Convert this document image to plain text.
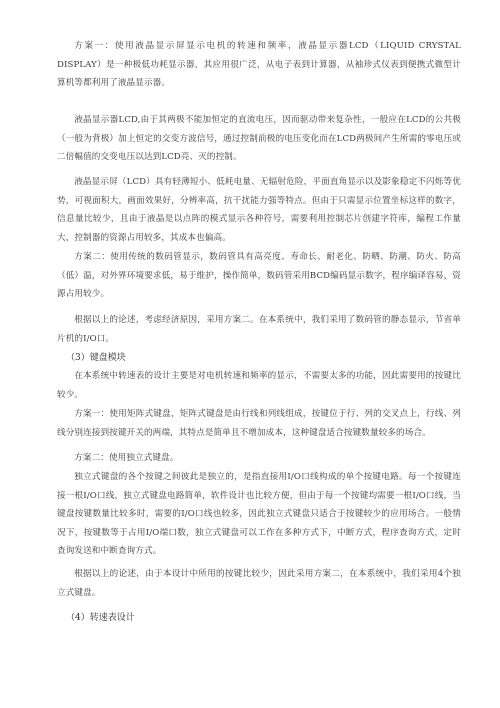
方案一：使用液晶显示屏显示电机的转速和频率，液晶显示器LCD（LIQUID CRYSTAL DISPLAY）是一种极低功耗显示器，其应用很广泛，从电子表到计算器，从袖珍式仪表到便携式微型计算机等都利用了液晶显示器。

液晶显示器LCD,由于其两极不能加恒定的直流电压，因而驱动带来复杂性，一般应在LCD的公共极（一般为背极）加上恒定的交变方波信号，通过控制前极的电压变化而在LCD两极间产生所需的零电压或二倍幅值的交变电压以达到LCD亮、灭的控制。

液晶显示屏（LCD）具有轻薄短小、低耗电量、无辐射危险，平面直角显示以及影象稳定不闪烁等优势，可视面积大，画面效果好，分辨率高，抗干扰能力强等特点。但由于只需显示位置坐标这样的数字，信息量比较少，且由于液晶是以点阵的模式显示各种符号，需要利用控制芯片创建字符库，编程工作量大，控制器的资源占用较多，其成本也偏高。

方案二：使用传统的数码管显示，数码管具有高亮度、寿命长、耐老化、防晒、防潮、防火、防高（低）温，对外界环境要求低，易于维护，操作简单，数码管采用BCD编码显示数字，程序编译容易，资源占用较少。

根据以上的论述，考虑经济原因，采用方案二。在本系统中，我们采用了数码管的静态显示，节省单片机的I/O口。

（3）键盘模块

在本系统中转速表的设计主要是对电机转速和频率的显示，不需要太多的功能，因此需要用的按键比较少。

方案一：使用矩阵式键盘，矩阵式键盘是由行线和列线组成，按键位于行、列的交叉点上，行线、列线分别连接到按键开关的两端，其特点是简单且不增加成本，这种键盘适合按键数量较多的场合。

方案二：使用独立式键盘。

独立式键盘的各个按键之间彼此是独立的，是指直接用I/O口线构成的单个按键电路。每一个按键连接一根I/O口线，独立式键盘电路简单，软件设计也比较方便，但由于每一个按键均需要一根I/O口线，当键盘按键数量比较多时，需要的I/O口线也较多，因此独立式键盘只适合于按键较少的应用场合。一般情况下，按键数等于占用I/O端口数，独立式键盘可以工作在多种方式下，中断方式，程序查询方式，定时查询发送和中断查询方式。

根据以上的论述，由于本设计中所用的按键比较少，因此采用方案二，在本系统中，我们采用4个独立式键盘。

（4）转速表设计
